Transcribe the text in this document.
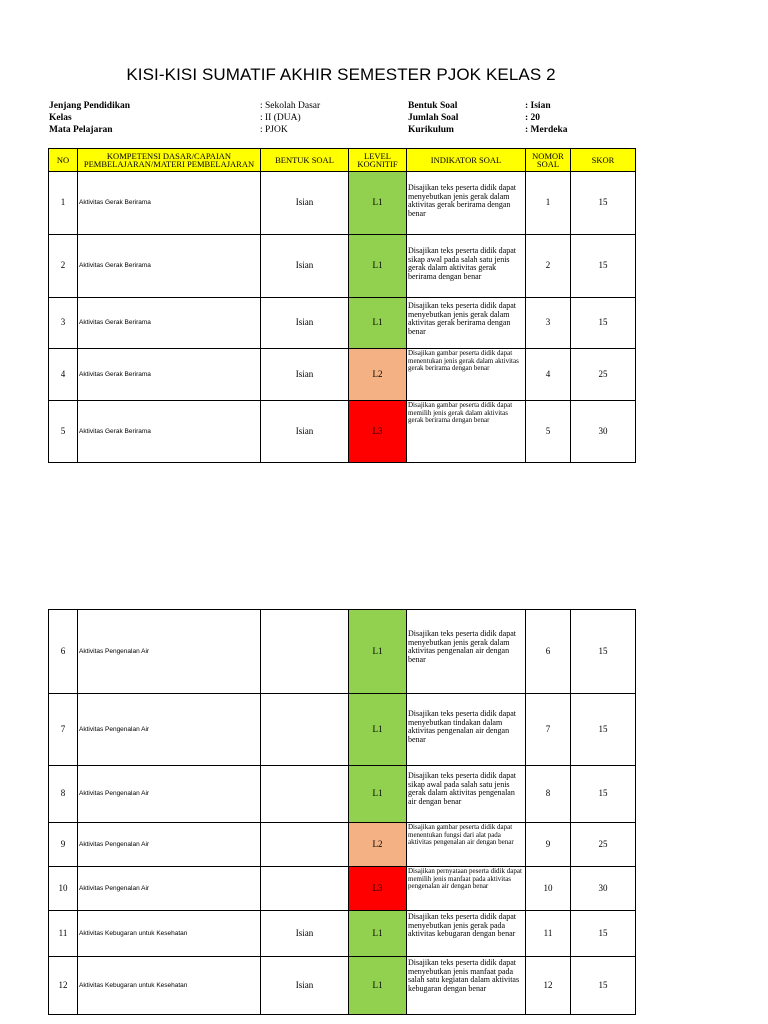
KISI-KISI SUMATIF AKHIR SEMESTER PJOK KELAS 2
Jenjang Pendidikan	: Sekolah Dasar
Kelas	: II (DUA)
Mata Pelajaran	: PJOK
Bentuk Soal	: Isian
Jumlah Soal	: 20
Kurikulum	: Merdeka
NO	KOMPETENSI DASAR/CAPAIAN PEMBELAJARAN/MATERI PEMBELAJARAN	BENTUK SOAL	LEVEL KOGNITIF	INDIKATOR SOAL	NOMOR SOAL	SKOR
1	Aktivitas Gerak Berirama	Isian	L1	Disajikan teks peserta didik dapat menyebutkan jenis gerak dalam aktivitas gerak berirama dengan benar	1	15
2	Aktivitas Gerak Berirama	Isian	L1	Disajikan teks peserta didik dapat sikap awal pada salah satu jenis gerak dalam aktivitas gerak berirama dengan benar	2	15
3	Aktivitas Gerak Berirama	Isian	L1	Disajikan teks peserta didik dapat menyebutkan jenis gerak dalam aktivitas gerak berirama dengan benar	3	15
4	Aktivitas Gerak Berirama	Isian	L2	Disajikan gambar peserta didik dapat menentukan jenis gerak dalam aktivitas gerak berirama dengan benar	4	25
5	Aktivitas Gerak Berirama	Isian	L3	Disajikan gambar peserta didik dapat memilih jenis gerak dalam aktivitas gerak berirama dengan benar	5	30
6	Aktivitas Pengenalan Air		L1	Disajikan teks peserta didik dapat menyebutkan jenis gerak dalam aktivitas pengenalan air dengan benar	6	15
7	Aktivitas Pengenalan Air		L1	Disajikan teks peserta didik dapat menyebutkan tindakan dalam aktivitas pengenalan air dengan benar	7	15
8	Aktivitas Pengenalan Air		L1	Disajikan teks peserta didik dapat sikap awal pada salah satu jenis gerak dalam aktivitas pengenalan air dengan benar	8	15
9	Aktivitas Pengenalan Air		L2	Disajikan gambar peserta didik dapat menentukan fungsi dari alat pada aktivitas pengenalan air dengan benar	9	25
10	Aktivitas Pengenalan Air		L3	Disajikan pernyataan peserta didik dapat memilih jenis manfaat pada aktivitas pengenalan air dengan benar	10	30
11	Aktivitas Kebugaran untuk Kesehatan	Isian	L1	Disajikan teks peserta didik dapat menyebutkan jenis gerak pada aktivitas kebugaran dengan benar	11	15
12	Aktivitas Kebugaran untuk Kesehatan	Isian	L1	Disajikan teks peserta didik dapat menyebutkan jenis manfaat pada salah satu kegiatan dalam aktivitas kebugaran dengan benar	12	15
